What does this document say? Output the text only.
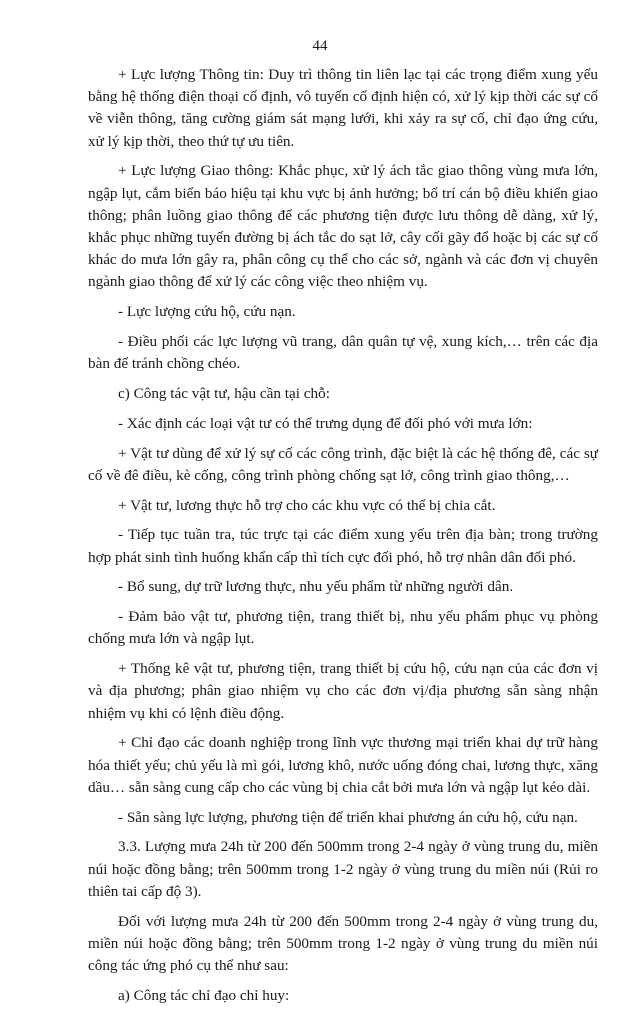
44

+ Lực lượng Thông tin: Duy trì thông tin liên lạc tại các trọng điểm xung yếu bằng hệ thống điện thoại cố định, vô tuyến cố định hiện có, xử lý kịp thời các sự cố về viễn thông, tăng cường giám sát mạng lưới, khi xảy ra sự cố, chỉ đạo ứng cứu, xử lý kịp thời, theo thứ tự ưu tiên.

+ Lực lượng Giao thông: Khắc phục, xử lý ách tắc giao thông vùng mưa lớn, ngập lụt, cắm biển báo hiệu tại khu vực bị ảnh hưởng; bố trí cán bộ điều khiển giao thông; phân luồng giao thông để các phương tiện được lưu thông dễ dàng, xử lý, khắc phục những tuyến đường bị ách tắc do sạt lở, cây cối gãy đổ hoặc bị các sự cố khác do mưa lớn gây ra, phân công cụ thể cho các sở, ngành và các đơn vị chuyên ngành giao thông để xử lý các công việc theo nhiệm vụ.

- Lực lượng cứu hộ, cứu nạn.

- Điều phối các lực lượng vũ trang, dân quân tự vệ, xung kích,… trên các địa bàn để tránh chồng chéo.

c) Công tác vật tư, hậu cần tại chỗ:

- Xác định các loại vật tư có thể trưng dụng để đối phó với mưa lớn:

+ Vật tư dùng để xử lý sự cố các công trình, đặc biệt là các hệ thống đê, các sự cố về đê điều, kè cống, công trình phòng chống sạt lở, công trình giao thông,…

+ Vật tư, lương thực hỗ trợ cho các khu vực có thể bị chia cắt.

- Tiếp tục tuần tra, túc trực tại các điểm xung yếu trên địa bàn; trong trường hợp phát sinh tình huống khẩn cấp thì tích cực đối phó, hỗ trợ nhân dân đối phó.

- Bổ sung, dự trữ lương thực, nhu yếu phẩm từ những người dân.

- Đảm bảo vật tư, phương tiện, trang thiết bị, nhu yếu phẩm phục vụ phòng chống mưa lớn và ngập lụt.

+ Thống kê vật tư, phương tiện, trang thiết bị cứu hộ, cứu nạn của các đơn vị và địa phương; phân giao nhiệm vụ cho các đơn vị/địa phương sẵn sàng nhận nhiệm vụ khi có lệnh điều động.

+ Chỉ đạo các doanh nghiệp trong lĩnh vực thương mại triển khai dự trữ hàng hóa thiết yếu; chủ yếu là mì gói, lương khô, nước uống đóng chai, lương thực, xăng dầu… sẵn sàng cung cấp cho các vùng bị chia cắt bởi mưa lớn và ngập lụt kéo dài.

- Sẵn sàng lực lượng, phương tiện để triển khai phương án cứu hộ, cứu nạn.

3.3. Lượng mưa 24h từ 200 đến 500mm trong 2-4 ngày ở vùng trung du, miền núi hoặc đồng bằng; trên 500mm trong 1-2 ngày ở vùng trung du miền núi (Rủi ro thiên tai cấp độ 3).

Đối với lượng mưa 24h từ 200 đến 500mm trong 2-4 ngày ở vùng trung du, miền núi hoặc đồng bằng; trên 500mm trong 1-2 ngày ở vùng trung du miền núi công tác ứng phó cụ thể như sau:

a) Công tác chỉ đạo chỉ huy:
